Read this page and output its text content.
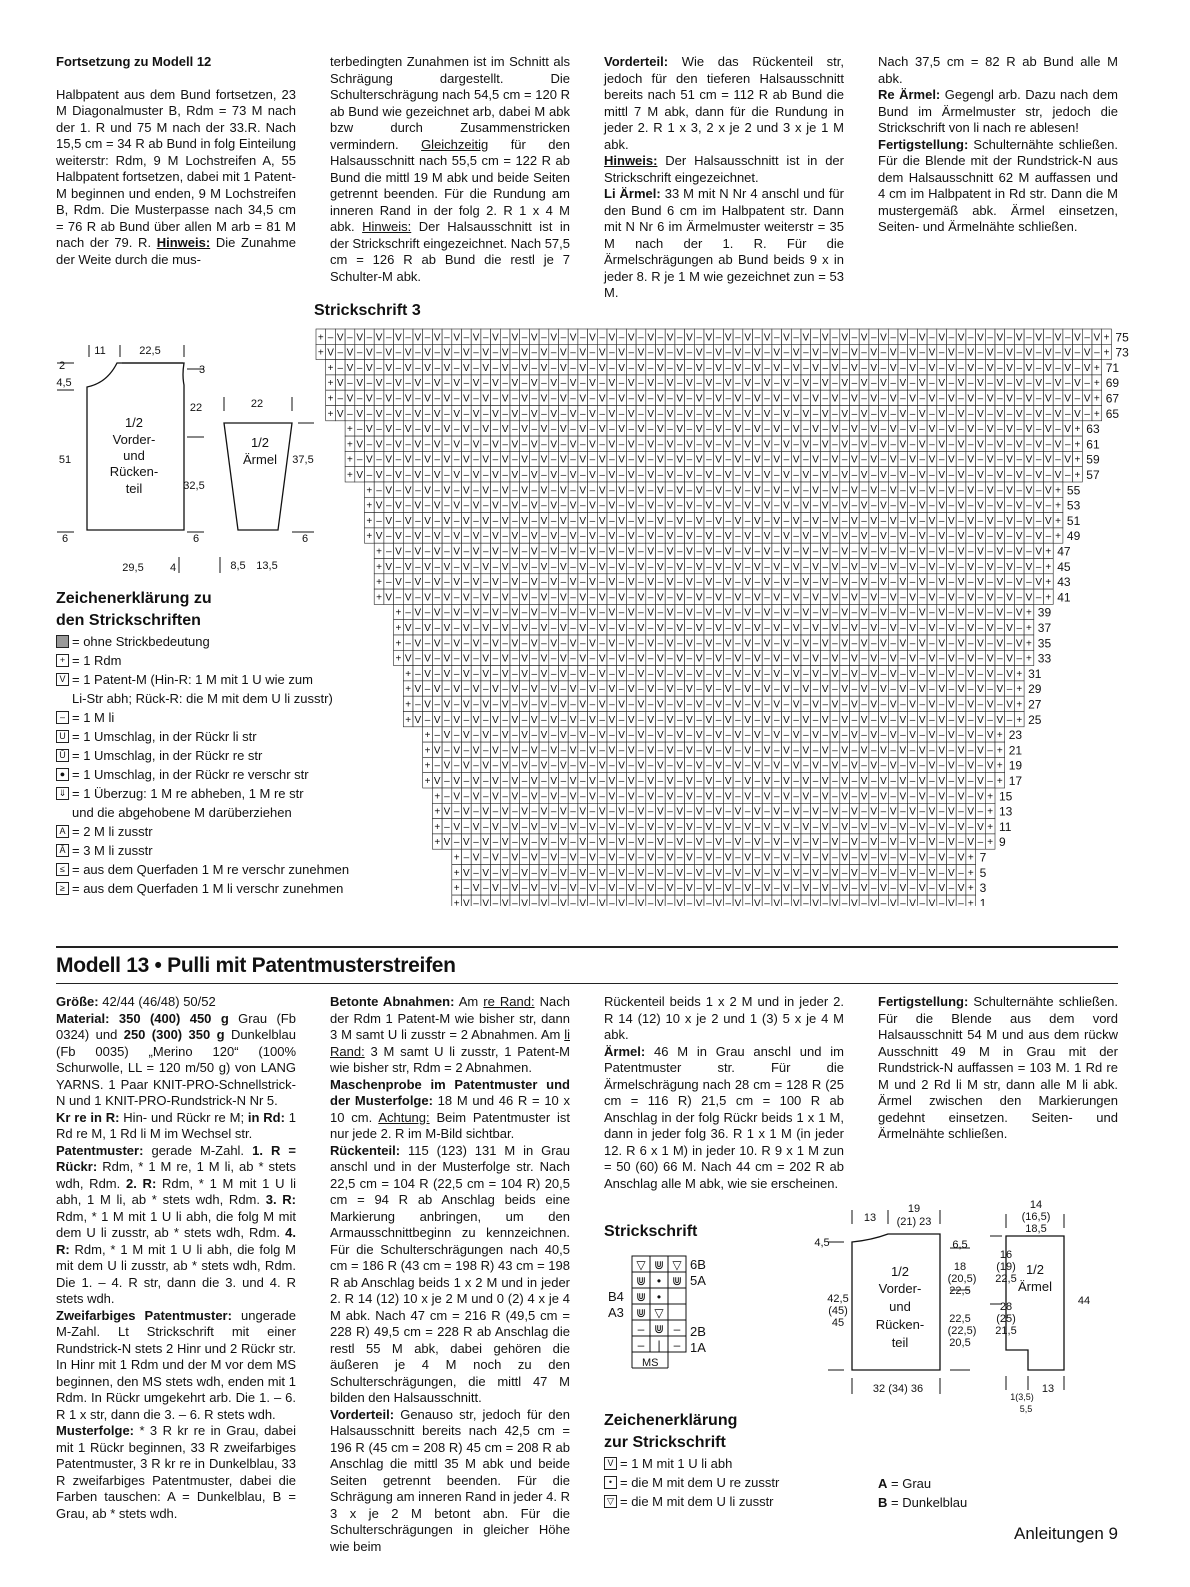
Fortsetzung zu Modell 12

Halbpatent aus dem Bund fortsetzen, 23 M Diagonalmuster B, Rdm = 73 M nach der 1. R und 75 M nach der 33.R. Nach 15,5 cm = 34 R ab Bund in folg Einteilung weiterstr: Rdm, 9 M Lochstreifen A, 55 Halbpatent fortsetzen, dabei mit 1 Patent-M beginnen und enden, 9 M Lochstreifen B, Rdm. Die Musterpasse nach 34,5 cm = 76 R ab Bund über allen M arb = 81 M nach der 79. R. Hinweis: Die Zunahme der Weite durch die mus-

terbedingten Zunahmen ist im Schnitt als Schrägung dargestellt. Die Schulterschrägung nach 54,5 cm = 120 R ab Bund wie gezeichnet arb, dabei M abk bzw durch Zusammenstricken vermindern. Gleichzeitig für den Halsausschnitt nach 55,5 cm = 122 R ab Bund die mittl 19 M abk und beide Seiten getrennt beenden. Für die Rundung am inneren Rand in der folg 2. R 1 x 4 M abk. Hinweis: Der Halsausschnitt ist in der Strickschrift eingezeichnet. Nach 57,5 cm = 126 R ab Bund die restl je 7 Schulter-M abk.

Vorderteil: Wie das Rückenteil str, jedoch für den tieferen Halsausschnitt bereits nach 51 cm = 112 R ab Bund die mittl 7 M abk, dann für die Rundung in jeder 2. R 1 x 3, 2 x je 2 und 3 x je 1 M abk.

Hinweis: Der Halsausschnitt ist in der Strickschrift eingezeichnet.

Li Ärmel: 33 M mit N Nr 4 anschl und für den Bund 6 cm im Halbpatent str. Dann mit N Nr 6 im Ärmelmuster weiterstr = 35 M nach der 1. R. Für die Ärmelschrägungen ab Bund beids 9 x in jeder 8. R je 1 M wie gezeichnet zun = 53 M.

Nach 37,5 cm = 82 R ab Bund alle M abk.

Re Ärmel: Gegengl arb. Dazu nach dem Bund im Ärmelmuster str, jedoch die Strickschrift von li nach re ablesen!

Fertigstellung: Schulternähte schließen. Für die Blende mit der Rundstrick-N aus dem Halsausschnitt 62 M auffassen und 4 cm im Halbpatent in Rd str. Dann die M mustergemäß abk. Ärmel einsetzen, Seiten- und Ärmelnähte schließen.

11	22,5
2
4,5
3
22	22
51
32,5
37,5
6	6	6
29,5 4	8,5 13,5
1/2
Vorder-
und
Rücken-
teil
1/2
Ärmel
Strickschrift 3
+ – V – V – V – V – V – V – V – V – V – V – V – V – V – V – V – V – V – V – V – V – V – V – V – V – V – V – V – V – V – V – V – V – V – V – V – V – V – V – V – V + 75
+ V – V – V – V – V – V – V – V – V – V – V – V – V – V – V – V – V – V – V – V – V – V – V – V – V – V – V – V – V – V – V – V – V – V – V – V – V – V – V – V – + 73
+ – V – V – V – V – V – V – V – V – V – V – V – V – V – V – V – V – V – V – V – V – V – V – V – V – V – V – V – V – V – V – V – V – V – V – V – V – V – V – V + 71
+ V – V – V – V – V – V – V – V – V – V – V – V – V – V – V – V – V – V – V – V – V – V – V – V – V – V – V – V – V – V – V – V – V – V – V – V – V – V – V – + 69
+ – V – V – V – V – V – V – V – V – V – V – V – V – V – V – V – V – V – V – V – V – V – V – V – V – V – V – V – V – V – V – V – V – V – V – V – V – V – V – V + 67
+ V – V – V – V – V – V – V – V – V – V – V – V – V – V – V – V – V – V – V – V – V – V – V – V – V – V – V – V – V – V – V – V – V – V – V – V – V – V – V – + 65
+ – V – V – V – V – V – V – V – V – V – V – V – V – V – V – V – V – V – V – V – V – V – V – V – V – V – V – V – V – V – V – V – V – V – V – V – V – V + 63
+ V – V – V – V – V – V – V – V – V – V – V – V – V – V – V – V – V – V – V – V – V – V – V – V – V – V – V – V – V – V – V – V – V – V – V – V – V – + 61
+ – V – V – V – V – V – V – V – V – V – V – V – V – V – V – V – V – V – V – V – V – V – V – V – V – V – V – V – V – V – V – V – V – V – V – V – V – V + 59
+ V – V – V – V – V – V – V – V – V – V – V – V – V – V – V – V – V – V – V – V – V – V – V – V – V – V – V – V – V – V – V – V – V – V – V – V – V – + 57
+ – V – V – V – V – V – V – V – V – V – V – V – V – V – V – V – V – V – V – V – V – V – V – V – V – V – V – V – V – V – V – V – V – V – V – V + 55
+ V – V – V – V – V – V – V – V – V – V – V – V – V – V – V – V – V – V – V – V – V – V – V – V – V – V – V – V – V – V – V – V – V – V – V – + 53
+ – V – V – V – V – V – V – V – V – V – V – V – V – V – V – V – V – V – V – V – V – V – V – V – V – V – V – V – V – V – V – V – V – V – V – V + 51
+ V – V – V – V – V – V – V – V – V – V – V – V – V – V – V – V – V – V – V – V – V – V – V – V – V – V – V – V – V – V – V – V – V – V – V – + 49
+ – V – V – V – V – V – V – V – V – V – V – V – V – V – V – V – V – V – V – V – V – V – V – V – V – V – V – V – V – V – V – V – V – V – V + 47
+ V – V – V – V – V – V – V – V – V – V – V – V – V – V – V – V – V – V – V – V – V – V – V – V – V – V – V – V – V – V – V – V – V – V – + 45
+ – V – V – V – V – V – V – V – V – V – V – V – V – V – V – V – V – V – V – V – V – V – V – V – V – V – V – V – V – V – V – V – V – V – V + 43
+ V – V – V – V – V – V – V – V – V – V – V – V – V – V – V – V – V – V – V – V – V – V – V – V – V – V – V – V – V – V – V – V – V – V – + 41
+ – V – V – V – V – V – V – V – V – V – V – V – V – V – V – V – V – V – V – V – V – V – V – V – V – V – V – V – V – V – V – V – V + 39
+ V – V – V – V – V – V – V – V – V – V – V – V – V – V – V – V – V – V – V – V – V – V – V – V – V – V – V – V – V – V – V – V – + 37
+ – V – V – V – V – V – V – V – V – V – V – V – V – V – V – V – V – V – V – V – V – V – V – V – V – V – V – V – V – V – V – V – V + 35
+ V – V – V – V – V – V – V – V – V – V – V – V – V – V – V – V – V – V – V – V – V – V – V – V – V – V – V – V – V – V – V – V – + 33
+ – V – V – V – V – V – V – V – V – V – V – V – V – V – V – V – V – V – V – V – V – V – V – V – V – V – V – V – V – V – V – V + 31
+ V – V – V – V – V – V – V – V – V – V – V – V – V – V – V – V – V – V – V – V – V – V – V – V – V – V – V – V – V – V – V – + 29
+ – V – V – V – V – V – V – V – V – V – V – V – V – V – V – V – V – V – V – V – V – V – V – V – V – V – V – V – V – V – V – V + 27
+ V – V – V – V – V – V – V – V – V – V – V – V – V – V – V – V – V – V – V – V – V – V – V – V – V – V – V – V – V – V – V – + 25
+ – V – V – V – V – V – V – V – V – V – V – V – V – V – V – V – V – V – V – V – V – V – V – V – V – V – V – V – V – V + 23
+ V – V – V – V – V – V – V – V – V – V – V – V – V – V – V – V – V – V – V – V – V – V – V – V – V – V – V – V – V – + 21
+ – V – V – V – V – V – V – V – V – V – V – V – V – V – V – V – V – V – V – V – V – V – V – V – V – V – V – V – V – V + 19
+ V – V – V – V – V – V – V – V – V – V – V – V – V – V – V – V – V – V – V – V – V – V – V – V – V – V – V – V – V – + 17
+ – V – V – V – V – V – V – V – V – V – V – V – V – V – V – V – V – V – V – V – V – V – V – V – V – V – V – V – V + 15
+ V – V – V – V – V – V – V – V – V – V – V – V – V – V – V – V – V – V – V – V – V – V – V – V – V – V – V – V – + 13
+ – V – V – V – V – V – V – V – V – V – V – V – V – V – V – V – V – V – V – V – V – V – V – V – V – V – V – V – V + 11
+ V – V – V – V – V – V – V – V – V – V – V – V – V – V – V – V – V – V – V – V – V – V – V – V – V – V – V – V – + 9
+ – V – V – V – V – V – V – V – V – V – V – V – V – V – V – V – V – V – V – V – V – V – V – V – V – V – V + 7
+ V – V – V – V – V – V – V – V – V – V – V – V – V – V – V – V – V – V – V – V – V – V – V – V – V – V – + 5
+ – V – V – V – V – V – V – V – V – V – V – V – V – V – V – V – V – V – V – V – V – V – V – V – V – V – V + 3
+ V – V – V – V – V – V – V – V – V – V – V – V – V – V – V – V – V – V – V – V – V – V – V – V – V – V – + 1
Zeichenerklärung zu
den Strickschriften
= ohne Strickbedeutung
+ = 1 Rdm
V = 1 Patent-M (Hin-R: 1 M mit 1 U wie zum
Li-Str abh; Rück-R: die M mit dem U li zusstr)
– = 1 M li
U = 1 Umschlag, in der Rückr li str
Ū = 1 Umschlag, in der Rückr re str
● = 1 Umschlag, in der Rückr re verschr str
⇓ = 1 Überzug: 1 M re abheben, 1 M re str
und die abgehobene M darüberziehen
A = 2 M li zusstr
Â = 3 M li zusstr
≤ = aus dem Querfaden 1 M re verschr zunehmen
≥ = aus dem Querfaden 1 M li verschr zunehmen
Modell 13 • Pulli mit Patentmusterstreifen

Größe: 42/44 (46/48) 50/52

Material: 350 (400) 450 g Grau (Fb 0324) und 250 (300) 350 g Dunkelblau (Fb 0035) „Merino 120“ (100% Schurwolle, LL = 120 m/50 g) von LANG YARNS. 1 Paar KNIT-PRO-Schnellstrick-N und 1 KNIT-PRO-Rundstrick-N Nr 5.

Kr re in R: Hin- und Rückr re M; in Rd: 1 Rd re M, 1 Rd li M im Wechsel str.

Patentmuster: gerade M-Zahl. 1. R = Rückr: Rdm, * 1 M re, 1 M li, ab * stets wdh, Rdm. 2. R: Rdm, * 1 M mit 1 U li abh, 1 M li, ab * stets wdh, Rdm. 3. R: Rdm, * 1 M mit 1 U li abh, die folg M mit dem U li zusstr, ab * stets wdh, Rdm. 4. R: Rdm, * 1 M mit 1 U li abh, die folg M mit dem U li zusstr, ab * stets wdh, Rdm. Die 1. – 4. R str, dann die 3. und 4. R stets wdh.

Zweifarbiges Patentmuster: ungerade M-Zahl. Lt Strickschrift mit einer Rundstrick-N stets 2 Hinr und 2 Rückr str. In Hinr mit 1 Rdm und der M vor dem MS beginnen, den MS stets wdh, enden mit 1 Rdm. In Rückr umgekehrt arb. Die 1. – 6. R 1 x str, dann die 3. – 6. R stets wdh.

Musterfolge: * 3 R kr re in Grau, dabei mit 1 Rückr beginnen, 33 R zweifarbiges Patentmuster, 3 R kr re in Dunkelblau, 33 R zweifarbiges Patentmuster, dabei die Farben tauschen: A = Dunkelblau, B = Grau, ab * stets wdh.

Betonte Abnahmen: Am re Rand: Nach der Rdm 1 Patent-M wie bisher str, dann 3 M samt U li zusstr = 2 Abnahmen. Am li Rand: 3 M samt U li zusstr, 1 Patent-M wie bisher str, Rdm = 2 Abnahmen.

Maschenprobe im Patentmuster und der Musterfolge: 18 M und 46 R = 10 x 10 cm. Achtung: Beim Patentmuster ist nur jede 2. R im M-Bild sichtbar.

Rückenteil: 115 (123) 131 M in Grau anschl und in der Musterfolge str. Nach 22,5 cm = 104 R (22,5 cm = 104 R) 20,5 cm = 94 R ab Anschlag beids eine Markierung anbringen, um den Armausschnittbeginn zu kennzeichnen. Für die Schulterschrägungen nach 40,5 cm = 186 R (43 cm = 198 R) 43 cm = 198 R ab Anschlag beids 1 x 2 M und in jeder 2. R 14 (12) 10 x je 2 M und 0 (2) 4 x je 4 M abk. Nach 47 cm = 216 R (49,5 cm = 228 R) 49,5 cm = 228 R ab Anschlag die restl 55 M abk, dabei gehören die äußeren je 4 M noch zu den Schulterschrägungen, die mittl 47 M bilden den Halsausschnitt.

Vorderteil: Genauso str, jedoch für den Halsausschnitt bereits nach 42,5 cm = 196 R (45 cm = 208 R) 45 cm = 208 R ab Anschlag die mittl 35 M abk und beide Seiten getrennt beenden. Für die Schrägung am inneren Rand in jeder 4. R 3 x je 2 M betont abn. Für die Schulterschrägungen in gleicher Höhe wie beim

Rückenteil beids 1 x 2 M und in jeder 2. R 14 (12) 10 x je 2 und 1 (3) 5 x je 4 M abk.

Ärmel: 46 M in Grau anschl und im Patentmuster str. Für die Ärmelschrägung nach 28 cm = 128 R (25 cm = 116 R) 21,5 cm = 100 R ab Anschlag in der folg Rückr beids 1 x 1 M, dann in jeder folg 36. R 1 x 1 M (in jeder 12. R 6 x 1 M) in jeder 10. R 9 x 1 M zun = 50 (60) 66 M. Nach 44 cm = 202 R ab Anschlag alle M abk, wie sie erscheinen.

Fertigstellung: Schulternähte schließen. Für die Blende aus dem vord Halsausschnitt 54 M und aus dem rückw Ausschnitt 49 M in Grau mit der Rundstrick-N auffassen = 103 M. 1 Rd re M und 2 Rd li M str, dann alle M li abk. Ärmel zwischen den Markierungen gedehnt einsetzen. Seiten- und Ärmelnähte schließen.

Strickschrift
▽ ⋓ ▽
⋓ • ⋓
⋓ •
⋓ ▽
– ⋓ –
– | –
6B
5A
2B
1A
B4
A3
MS
Zeichenerklärung
zur Strickschrift
V = 1 M mit 1 U li abh
• = die M mit dem U re zusstr
▽ = die M mit dem U li zusstr
A
= Grau
B
= Dunkelblau
13
19
(21) 23
4,5	6,5
18
(20,5)
22,5
42,5
(45)
45	22,5
(22,5)
20,5
32 (34) 36
14
(16,5)
18,5
16
(19)
22,5
28
(25)
21,5
44
13
1(3,5)
5,5
1/2
Vorder-
und
Rücken-
teil
1/2
Ärmel
Anleitungen 9
